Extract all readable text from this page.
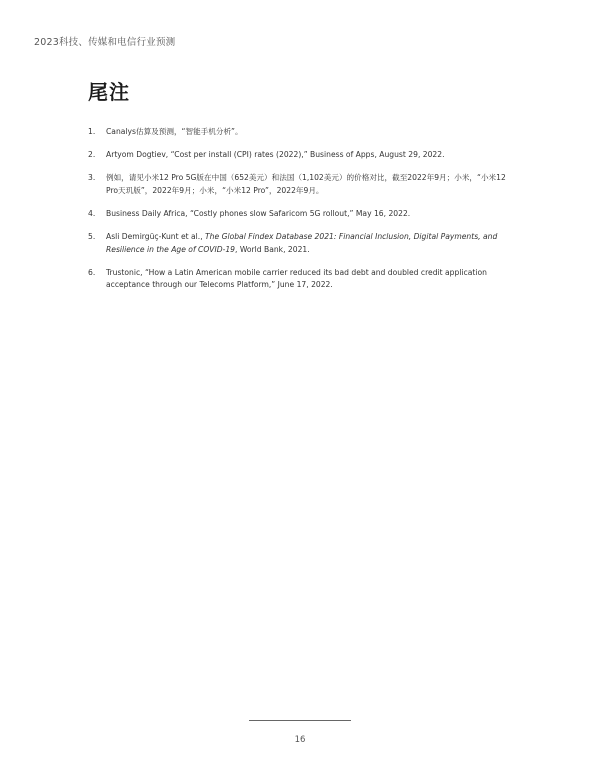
2023科技、传媒和电信行业预测
尾注
1.	Canalys估算及预测，“智能手机分析”。
2.	Artyom Dogtiev, “Cost per install (CPI) rates (2022),” Business of Apps, August 29, 2022.
3.	例如，请见小米12 Pro 5G版在中国（652美元）和法国（1,102美元）的价格对比，截至2022年9月；小米，“小米12 Pro天玑版”，2022年9月；小米，“小米12 Pro”，2022年9月。
4.	Business Daily Africa, “Costly phones slow Safaricom 5G rollout,” May 16, 2022.
5.	Asli Demirgüç-Kunt et al., The Global Findex Database 2021: Financial Inclusion, Digital Payments, and Resilience in the Age of COVID-19, World Bank, 2021.
6.	Trustonic, “How a Latin American mobile carrier reduced its bad debt and doubled credit application acceptance through our Telecoms Platform,” June 17, 2022.
16
